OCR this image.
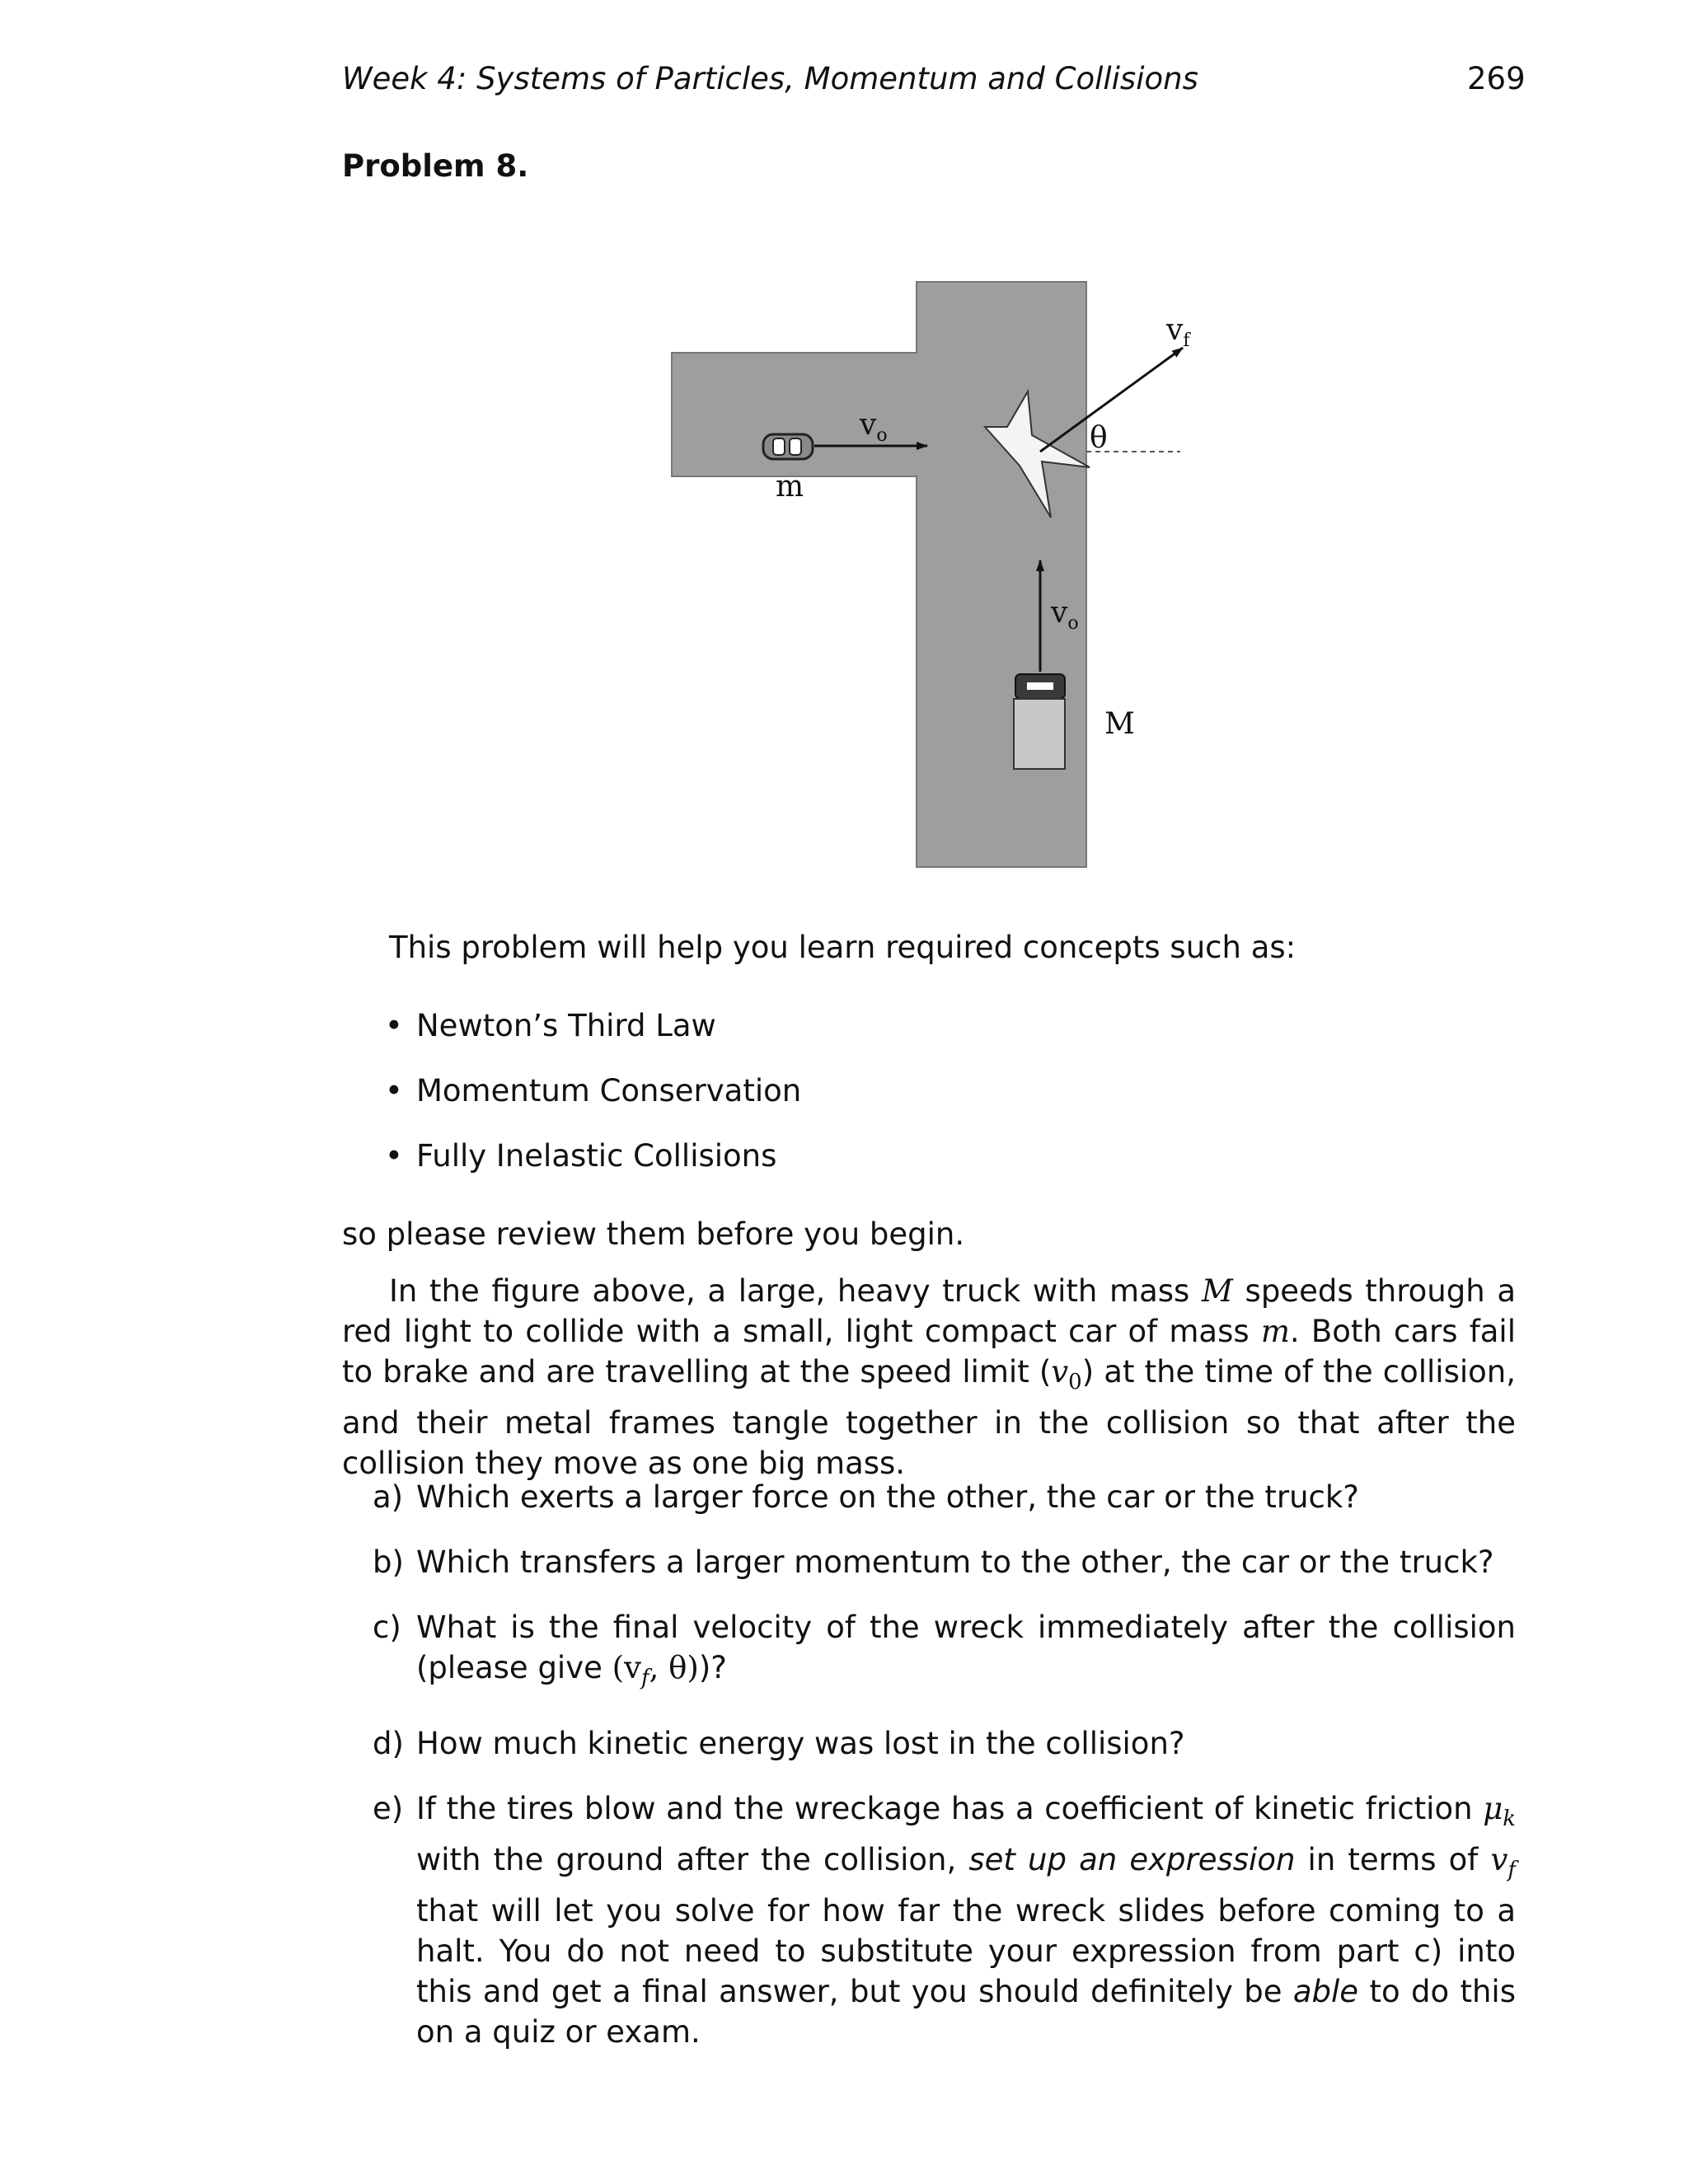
Week 4: Systems of Particles, Momentum and Collisions	269
Problem 8.
$v_o$
m
$v_o$
M
$v_f$
θ
This problem will help you learn required concepts such as:
• Newton’s Third Law
• Momentum Conservation
• Fully Inelastic Collisions
so please review them before you begin.

In the figure above, a large, heavy truck with mass M speeds through a red light to collide with a small, light compact car of mass m. Both cars fail to brake and are travelling at the speed limit $(v_0)$ at the time of the collision, and their metal frames tangle together in the collision so that after the collision they move as one big mass.

a) Which exerts a larger force on the other, the car or the truck?
b) Which transfers a larger momentum to the other, the car or the truck?
c) What is the final velocity of the wreck immediately after the collision (please give ($v_f$, θ))?
d) How much kinetic energy was lost in the collision?
e) If the tires blow and the wreckage has a coefficient of kinetic friction $\mu_k$ with the ground after the collision, set up an expression in terms of $v_f$ that will let you solve for how far the wreck slides before coming to a halt. You do not need to substitute your expression from part c) into this and get a final answer, but you should definitely be able to do this on a quiz or exam.
